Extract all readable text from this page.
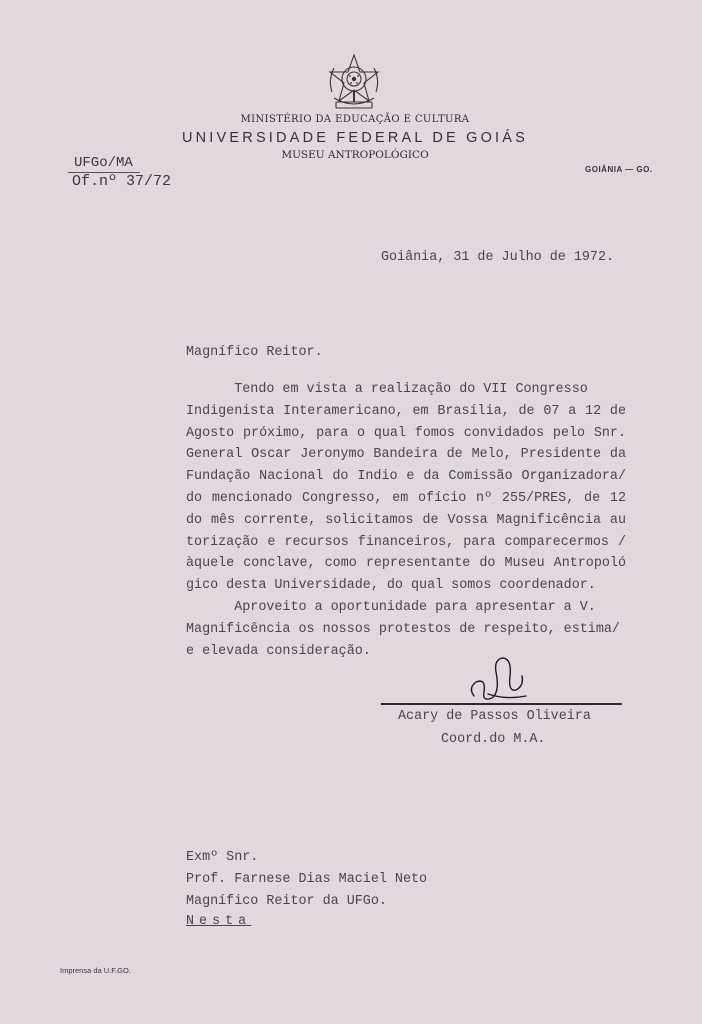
MINISTÉRIO DA EDUCAÇÃO E CULTURA
UNIVERSIDADE FEDERAL DE GOIÁS
MUSEU ANTROPOLÓGICO
GOIÂNIA — GO.
UFGo/MA
Of.nº 37/72
Goiânia, 31 de Julho de 1972.
Magnífico Reitor.
Tendo em vista a realização do VII Congresso
Indigenista Interamericano, em Brasília, de 07 a 12 de
Agosto próximo, para o qual fomos convidados pelo Snr.
General Oscar Jeronymo Bandeira de Melo, Presidente da
Fundação Nacional do Indio e da Comissão Organizadora/
do mencionado Congresso, em ofício nº 255/PRES, de 12
do mês corrente, solicitamos de Vossa Magnificência au
torização e recursos financeiros, para comparecermos /
àquele conclave, como representante do Museu Antropoló
gico desta Universidade, do qual somos coordenador.
Aproveito a oportunidade para apresentar a V.
Magnificência os nossos protestos de respeito, estima/
e elevada consideração.
Acary de Passos Oliveira
Coord.do M.A.
Exmº Snr.
Prof. Farnese Dias Maciel Neto
Magnífico Reitor da UFGo.
Nesta
Imprensa da U.F.GO.
